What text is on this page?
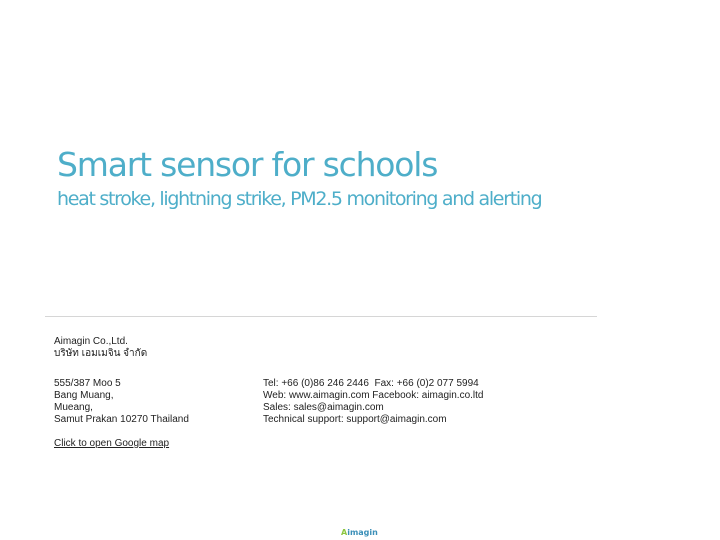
Smart sensor for schools
heat stroke, lightning strike, PM2.5 monitoring and alerting
Aimagin Co.,Ltd.
บริษัท เอมเมจิน จำกัด
555/387 Moo 5
Bang Muang,
Mueang,
Samut Prakan 10270 Thailand
Tel: +66 (0)86 246 2446  Fax: +66 (0)2 077 5994
Web: www.aimagin.com Facebook: aimagin.co.ltd
Sales: sales@aimagin.com
Technical support: support@aimagin.com
Click to open Google map
Aimagin
